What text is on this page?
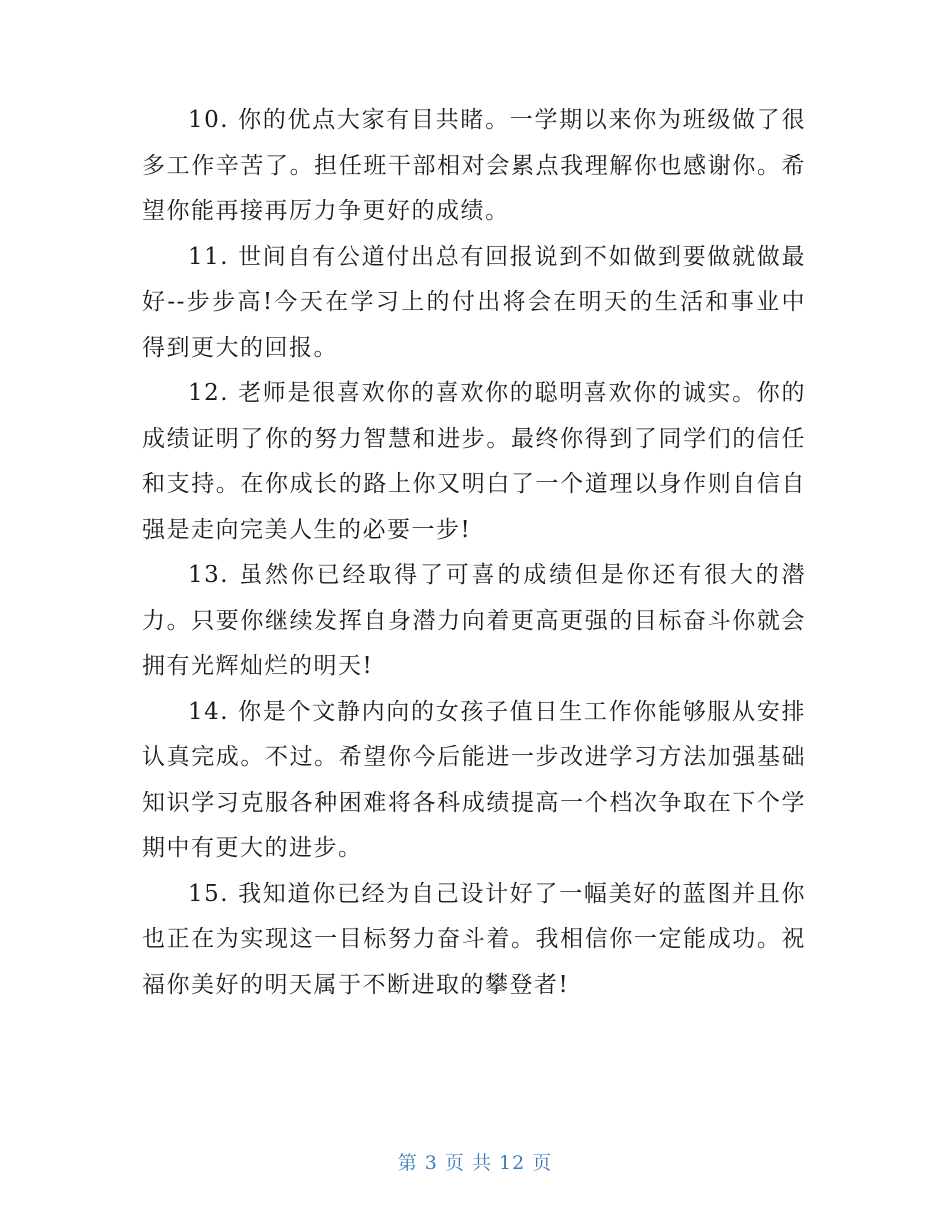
10. 你的优点大家有目共睹。一学期以来你为班级做了很多工作辛苦了。担任班干部相对会累点我理解你也感谢你。希望你能再接再厉力争更好的成绩。

11. 世间自有公道付出总有回报说到不如做到要做就做最好--步步高!今天在学习上的付出将会在明天的生活和事业中得到更大的回报。

12. 老师是很喜欢你的喜欢你的聪明喜欢你的诚实。你的成绩证明了你的努力智慧和进步。最终你得到了同学们的信任和支持。在你成长的路上你又明白了一个道理以身作则自信自强是走向完美人生的必要一步!

13. 虽然你已经取得了可喜的成绩但是你还有很大的潜力。只要你继续发挥自身潜力向着更高更强的目标奋斗你就会拥有光辉灿烂的明天!

14. 你是个文静内向的女孩子值日生工作你能够服从安排认真完成。不过。希望你今后能进一步改进学习方法加强基础知识学习克服各种困难将各科成绩提高一个档次争取在下个学期中有更大的进步。

15. 我知道你已经为自己设计好了一幅美好的蓝图并且你也正在为实现这一目标努力奋斗着。我相信你一定能成功。祝福你美好的明天属于不断进取的攀登者!

第 3 页 共 12 页
